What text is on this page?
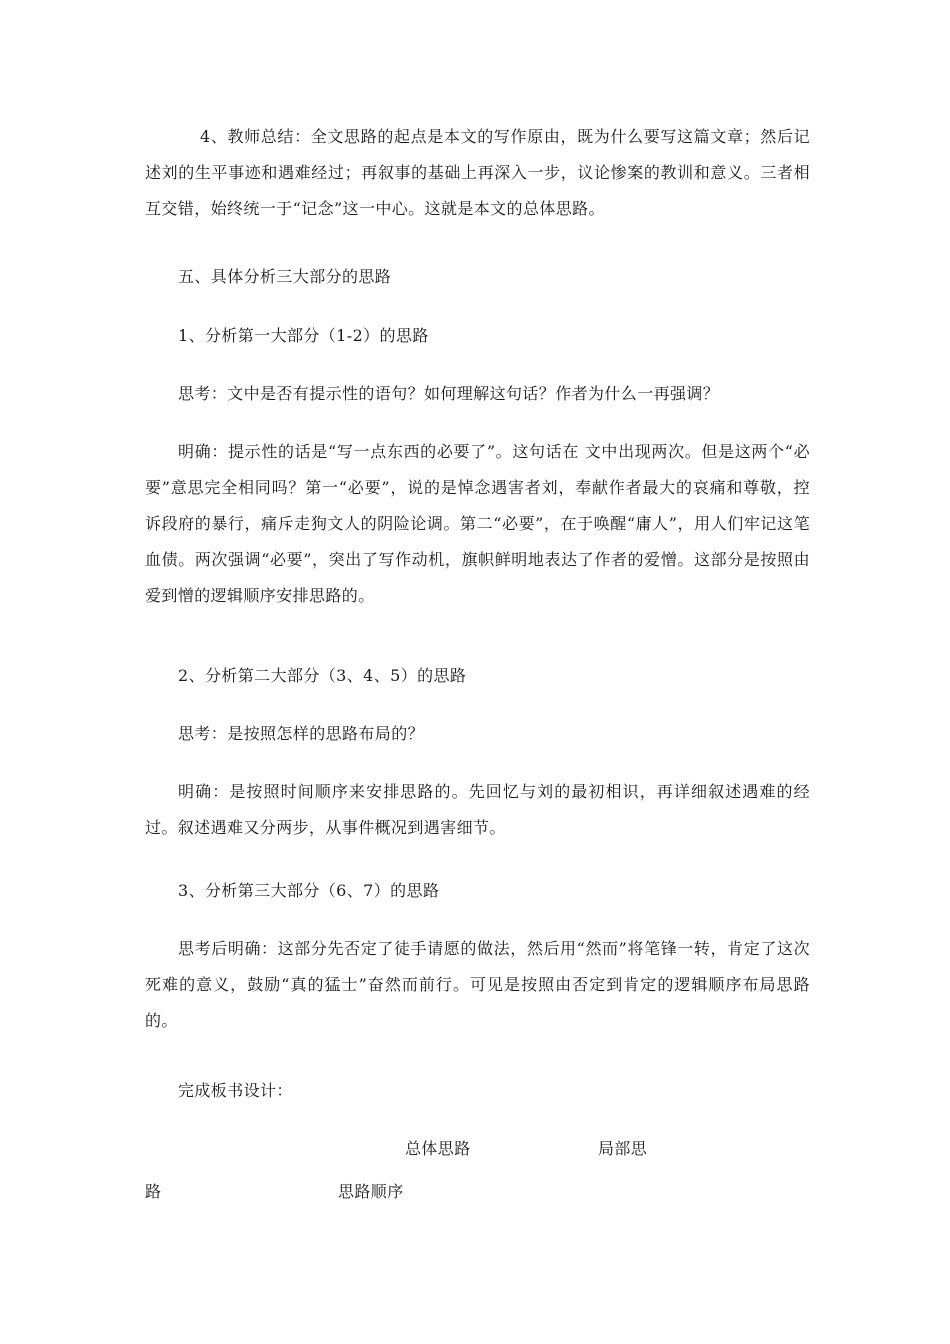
4、教师总结：全文思路的起点是本文的写作原由，既为什么要写这篇文章；然后记述刘的生平事迹和遇难经过；再叙事的基础上再深入一步，议论惨案的教训和意义。三者相互交错，始终统一于“记念”这一中心。这就是本文的总体思路。
五、具体分析三大部分的思路
1、分析第一大部分（1-2）的思路
思考：文中是否有提示性的语句？如何理解这句话？作者为什么一再强调？
明确：提示性的话是“写一点东西的必要了”。这句话在 文中出现两次。但是这两个“必要”意思完全相同吗？第一“必要”，说的是悼念遇害者刘，奉献作者最大的哀痛和尊敬，控诉段府的暴行，痛斥走狗文人的阴险论调。第二“必要”，在于唤醒“庸人”，用人们牢记这笔血债。两次强调“必要”，突出了写作动机，旗帜鲜明地表达了作者的爱憎。这部分是按照由爱到憎的逻辑顺序安排思路的。
2、分析第二大部分（3、4、5）的思路
思考：是按照怎样的思路布局的？
明确：是按照时间顺序来安排思路的。先回忆与刘的最初相识，再详细叙述遇难的经过。叙述遇难又分两步，从事件概况到遇害细节。
3、分析第三大部分（6、7）的思路
思考后明确：这部分先否定了徒手请愿的做法，然后用“然而”将笔锋一转，肯定了这次死难的意义，鼓励“真的猛士”奋然而前行。可见是按照由否定到肯定的逻辑顺序布局思路的。
完成板书设计：
总体思路	局部思
路	思路顺序
